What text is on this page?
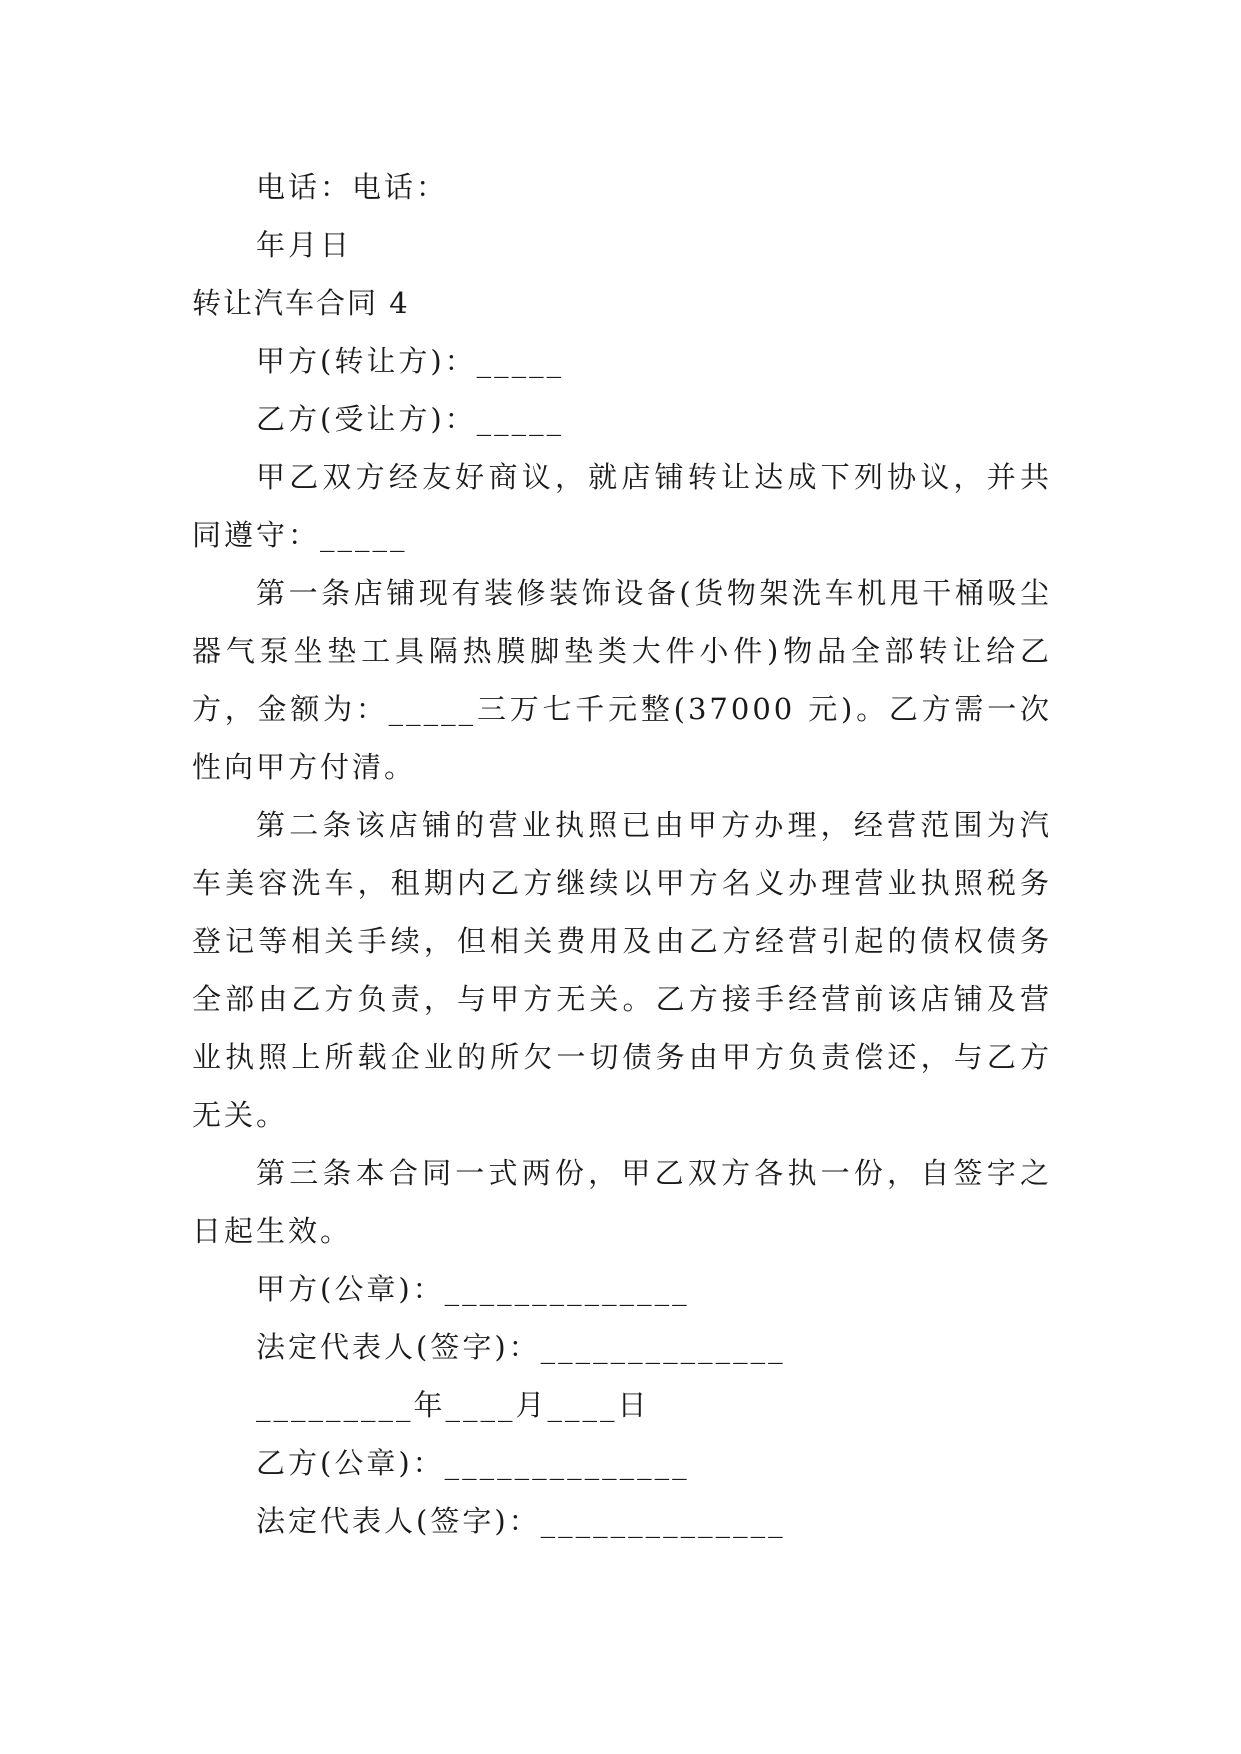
电话：电话：
年月日
转让汽车合同 4
甲方(转让方)：_____
乙方(受让方)：_____
甲乙双方经友好商议，就店铺转让达成下列协议，并共同遵守：_____
第一条店铺现有装修装饰设备(货物架洗车机甩干桶吸尘器气泵坐垫工具隔热膜脚垫类大件小件)物品全部转让给乙方，金额为：_____三万七千元整(37000 元)。乙方需一次性向甲方付清。
第二条该店铺的营业执照已由甲方办理，经营范围为汽车美容洗车，租期内乙方继续以甲方名义办理营业执照税务登记等相关手续，但相关费用及由乙方经营引起的债权债务全部由乙方负责，与甲方无关。乙方接手经营前该店铺及营业执照上所载企业的所欠一切债务由甲方负责偿还，与乙方无关。
第三条本合同一式两份，甲乙双方各执一份，自签字之日起生效。
甲方(公章)：______________
法定代表人(签字)：______________
_________年____月____日
乙方(公章)：______________
法定代表人(签字)：______________
